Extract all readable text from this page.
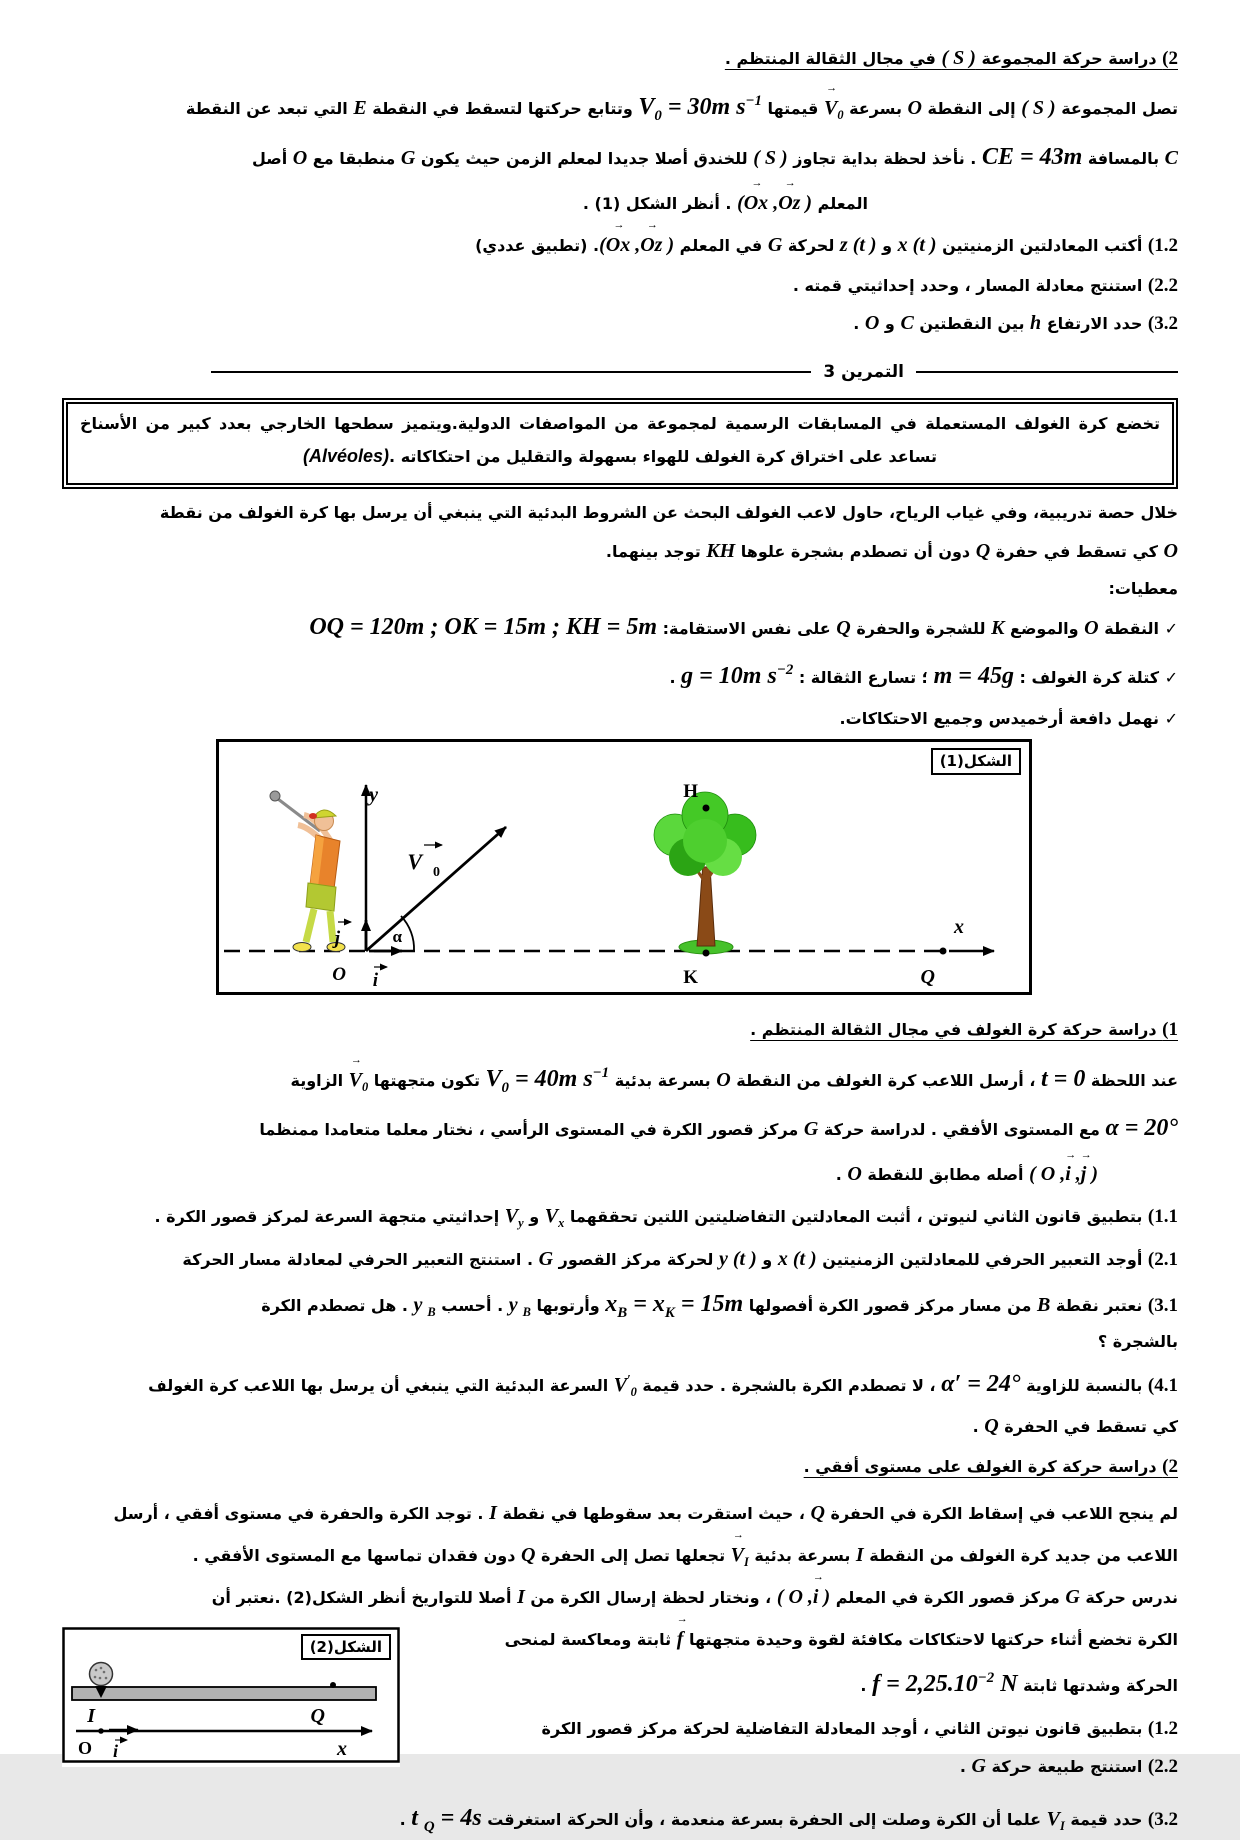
2) دراسة حركة المجموعة ( S ) في مجال الثقالة المنتظم .
تصل المجموعة ( S ) إلى النقطة O بسرعة $V \to_0$ قيمتها $V_0 = 30m$ $s^{-1}$ وتتابع حركتها لتسقط في النقطة E التي تبعد عن النقطة
C بالمسافة CE = 43m . نأخذ لحظة بداية تجاوز ( S ) للخندق أصلا جديدا لمعلم الزمن حيث يكون G منطبقا مع O أصل
المعلم (Ox → ,Oz → ) . أنظر الشكل (1) .
1.2) أكتب المعادلتين الزمنيتين x (t ) و z (t ) لحركة G في المعلم (Ox → ,Oz → ). (تطبيق عددي)
2.2) استنتج معادلة المسار ، وحدد إحداثيتي قمته .
3.2) حدد الارتفاع h بين النقطتين C و O .
التمرين 3
تخضع كرة الغولف المستعملة في المسابقات الرسمية لمجموعة من المواصفات الدولية.ويتميز سطحها الخارجي بعدد كبير من الأسناخ
تساعد على اختراق كرة الغولف للهواء بسهولة والتقليل من احتكاكاته .(Alvéoles)
خلال حصة تدريبية، وفي غياب الرياح، حاول لاعب الغولف البحث عن الشروط البدئية التي ينبغي أن يرسل بها كرة الغولف من نقطة
O كي تسقط في حفرة Q دون أن تصطدم بشجرة علوها KH توجد بينهما.
معطيات:
✓ النقطة O والموضع K للشجرة والحفرة Q على نفس الاستقامة: OQ = 120m ; OK = 15m ; KH = 5m
✓ كتلة كرة الغولف : m = 45g ؛ تسارع الثقالة : g = 10m $s^{-2}$ .
✓ نهمل دافعة أرخميدس وجميع الاحتكاكات.
الشكل(1)
x
y
V 0
α
j
i
O
H
K	Q
1) دراسة حركة كرة الغولف في مجال الثقالة المنتظم .
عند اللحظة t = 0 ، أرسل اللاعب كرة الغولف من النقطة O بسرعة بدئية $V_0 = 40m$ $s^{-1}$ تكون متجهتها $V \to_0$ الزاوية
α = 20° مع المستوى الأفقي . لدراسة حركة G مركز قصور الكرة في المستوى الرأسي ، نختار معلما متعامدا ممنظما
( O ,i → ,j → ) أصله مطابق للنقطة O .
1.1) بتطبيق قانون الثاني لنيوتن ، أثبت المعادلتين التفاضليتين اللتين تحققهما $V_x$ و $V_y$ إحداثيتي متجهة السرعة لمركز قصور الكرة .
2.1) أوجد التعبير الحرفي للمعادلتين الزمنيتين x (t ) و y (t ) لحركة مركز القصور G . استنتج التعبير الحرفي لمعادلة مسار الحركة
3.1) نعتبر نقطة B من مسار مركز قصور الكرة أفصولها $x_B = x_K = 15m$ وأرتوبها y $_B$ . أحسب y $_B$ . هل تصطدم الكرة
بالشجرة ؟
4.1) بالنسبة للزاوية α′ = 24° ، لا تصطدم الكرة بالشجرة . حدد قيمة $V'_0$ السرعة البدئية التي ينبغي أن يرسل بها اللاعب كرة الغولف
كي تسقط في الحفرة Q .
2) دراسة حركة كرة الغولف على مستوى أفقي .
لم ينجح اللاعب في إسقاط الكرة في الحفرة Q ، حيث استقرت بعد سقوطها في نقطة I . توجد الكرة والحفرة في مستوى أفقي ، أرسل
اللاعب من جديد كرة الغولف من النقطة I بسرعة بدئية $V \to_I$ تجعلها تصل إلى الحفرة Q دون فقدان تماسها مع المستوى الأفقي .
ندرس حركة G مركز قصور الكرة في المعلم ( O ,i → ) ، ونختار لحظة إرسال الكرة من I أصلا للتواريخ أنظر الشكل(2) .نعتبر أن
الكرة تخضع أثناء حركتها لاحتكاكات مكافئة لقوة وحيدة متجهتها f → ثابتة ومعاكسة لمنحى
الحركة وشدتها ثابتة $f = 2,25.10^{-2}$ N .
1.2) بتطبيق قانون نيوتن الثاني ، أوجد المعادلة التفاضلية لحركة مركز قصور الكرة
2.2) استنتج طبيعة حركة G .
الشكل(2)
I	Q
x
i
O
3.2) حدد قيمة $V_I$ علما أن الكرة وصلت إلى الحفرة بسرعة منعدمة ، وأن الحركة استغرقت t $_Q$ = 4s .
